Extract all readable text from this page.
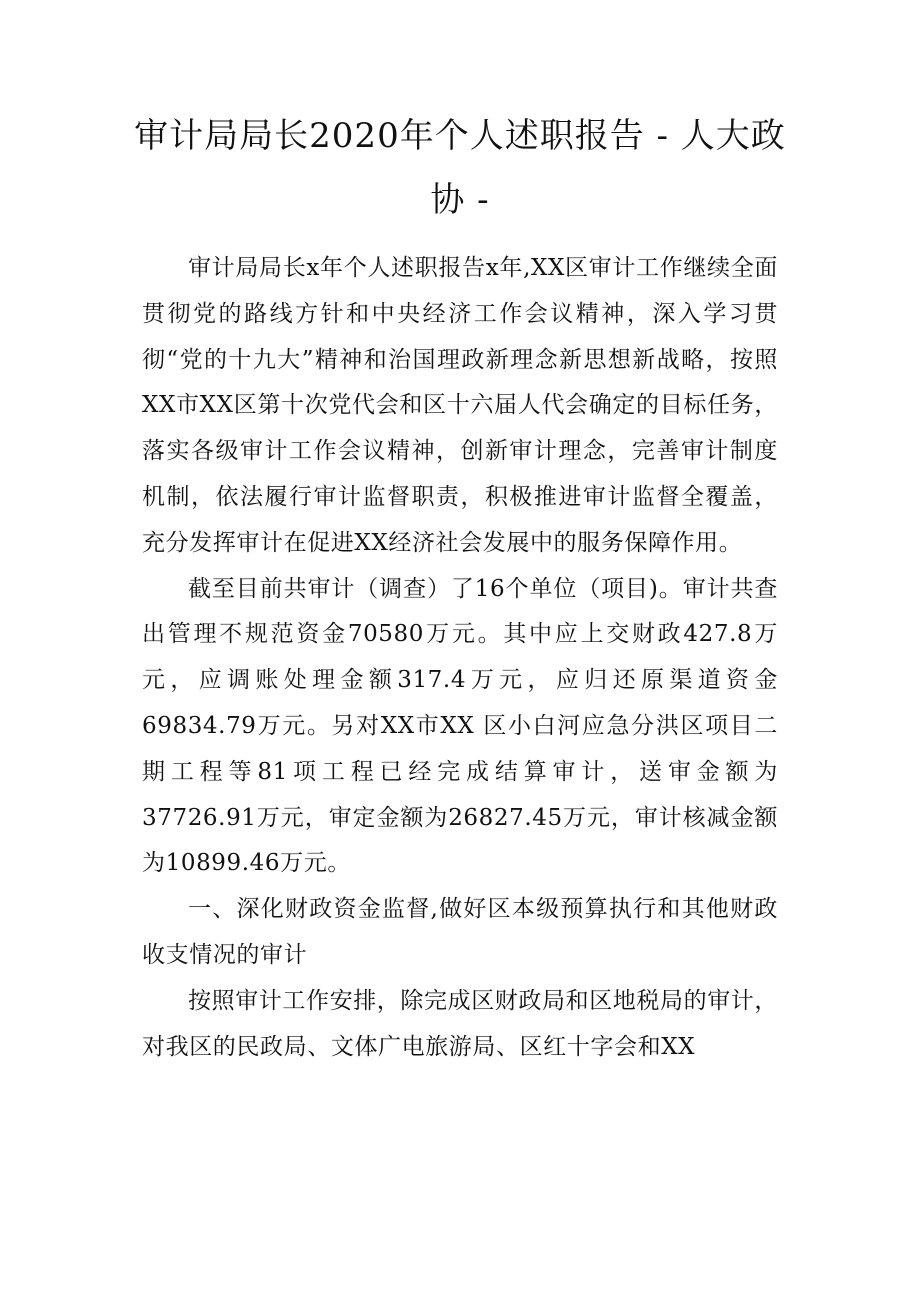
审计局局长2020年个人述职报告 - 人大政协 -

审计局局长x年个人述职报告x年,XX区审计工作继续全面贯彻党的路线方针和中央经济工作会议精神，深入学习贯彻“党的十九大”精神和治国理政新理念新思想新战略，按照XX市XX区第十次党代会和区十六届人代会确定的目标任务，落实各级审计工作会议精神，创新审计理念，完善审计制度机制，依法履行审计监督职责，积极推进审计监督全覆盖，充分发挥审计在促进XX经济社会发展中的服务保障作用。

截至目前共审计（调查）了16个单位（项目)。审计共查出管理不规范资金70580万元。其中应上交财政427.8万元，应调账处理金额317.4万元，应归还原渠道资金69834.79万元。另对XX市XX 区小白河应急分洪区项目二期工程等81项工程已经完成结算审计，送审金额为37726.91万元，审定金额为26827.45万元，审计核减金额为10899.46万元。

一、深化财政资金监督,做好区本级预算执行和其他财政收支情况的审计

按照审计工作安排，除完成区财政局和区地税局的审计，对我区的民政局、文体广电旅游局、区红十字会和XX
